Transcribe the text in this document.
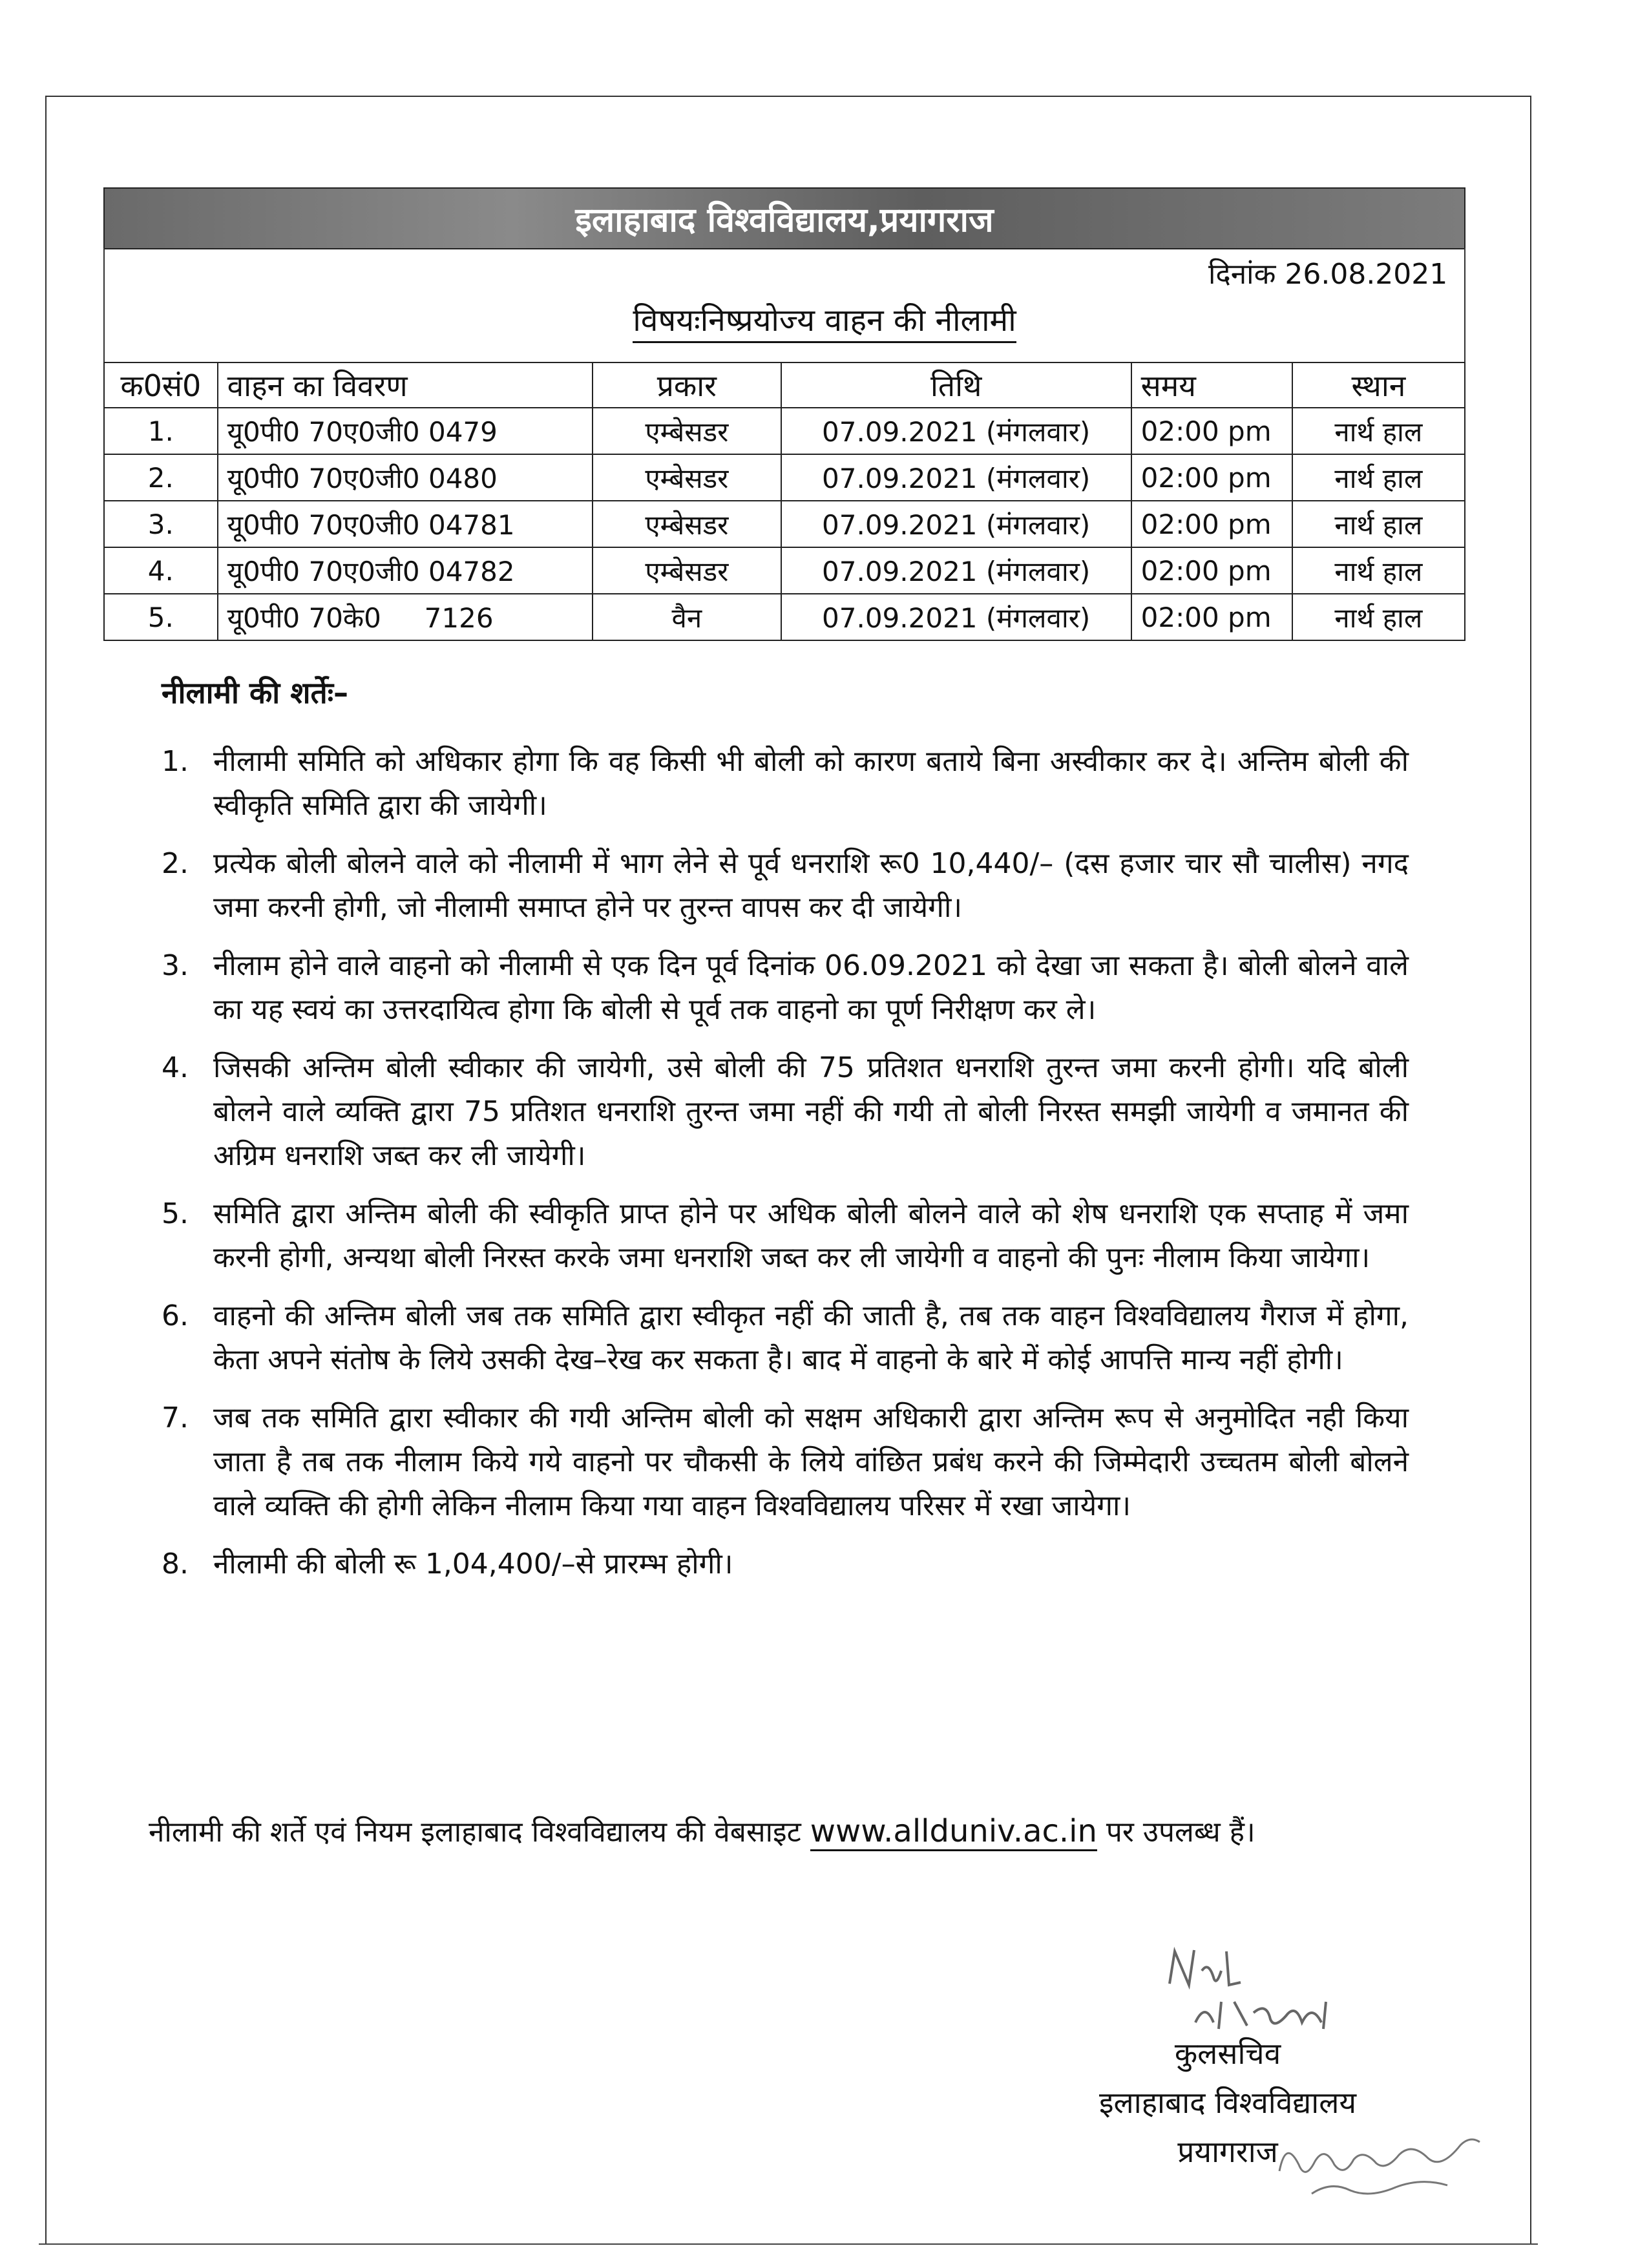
इलाहाबाद विश्वविद्यालय,प्रयागराज
दिनांक 26.08.2021
विषयःनिष्प्रयोज्य वाहन की नीलामी
क0सं0	वाहन का विवरण	प्रकार	तिथि	समय	स्थान
1.	यू0पी0 70ए0जी0 0479	एम्बेसडर	07.09.2021 (मंगलवार)	02:00 pm	नार्थ हाल
2.	यू0पी0 70ए0जी0 0480	एम्बेसडर	07.09.2021 (मंगलवार)	02:00 pm	नार्थ हाल
3.	यू0पी0 70ए0जी0 04781	एम्बेसडर	07.09.2021 (मंगलवार)	02:00 pm	नार्थ हाल
4.	यू0पी0 70ए0जी0 04782	एम्बेसडर	07.09.2021 (मंगलवार)	02:00 pm	नार्थ हाल
5.	यू0पी0 70के0     7126	वैन	07.09.2021 (मंगलवार)	02:00 pm	नार्थ हाल
नीलामी की शर्तेः–
1. नीलामी समिति को अधिकार होगा कि वह किसी भी बोली को कारण बताये बिना अस्वीकार कर दे। अन्तिम बोली की स्वीकृति समिति द्वारा की जायेगी।
2. प्रत्येक बोली बोलने वाले को नीलामी में भाग लेने से पूर्व धनराशि रू0 10,440/– (दस हजार चार सौ चालीस) नगद जमा करनी होगी, जो नीलामी समाप्त होने पर तुरन्त वापस कर दी जायेगी।
3. नीलाम होने वाले वाहनो को नीलामी से एक दिन पूर्व दिनांक 06.09.2021 को देखा जा सकता है। बोली बोलने वाले का यह स्वयं का उत्तरदायित्व होगा कि बोली से पूर्व तक वाहनो का पूर्ण निरीक्षण कर ले।
4. जिसकी अन्तिम बोली स्वीकार की जायेगी, उसे बोली की 75 प्रतिशत धनराशि तुरन्त जमा करनी होगी। यदि बोली बोलने वाले व्यक्ति द्वारा 75 प्रतिशत धनराशि तुरन्त जमा नहीं की गयी तो बोली निरस्त समझी जायेगी व जमानत की अग्रिम धनराशि जब्त कर ली जायेगी।
5. समिति द्वारा अन्तिम बोली की स्वीकृति प्राप्त होने पर अधिक बोली बोलने वाले को शेष धनराशि एक सप्ताह में जमा करनी होगी, अन्यथा बोली निरस्त करके जमा धनराशि जब्त कर ली जायेगी व वाहनो की पुनः नीलाम किया जायेगा।
6. वाहनो की अन्तिम बोली जब तक समिति द्वारा स्वीकृत नहीं की जाती है, तब तक वाहन विश्वविद्यालय गैराज में होगा, केता अपने संतोष के लिये उसकी देख–रेख कर सकता है। बाद में वाहनो के बारे में कोई आपत्ति मान्य नहीं होगी।
7. जब तक समिति द्वारा स्वीकार की गयी अन्तिम बोली को सक्षम अधिकारी द्वारा अन्तिम रूप से अनुमोदित नही किया जाता है तब तक नीलाम किये गये वाहनो पर चौकसी के लिये वांछित प्रबंध करने की जिम्मेदारी उच्चतम बोली बोलने वाले व्यक्ति की होगी लेकिन नीलाम किया गया वाहन विश्वविद्यालय परिसर में रखा जायेगा।
8. नीलामी की बोली रू 1,04,400/–से प्रारम्भ होगी।
नीलामी की शर्ते एवं नियम इलाहाबाद विश्वविद्यालय की वेबसाइट www.allduniv.ac.in पर उपलब्ध हैं।
कुलसचिव
इलाहाबाद विश्वविद्यालय
प्रयागराज
